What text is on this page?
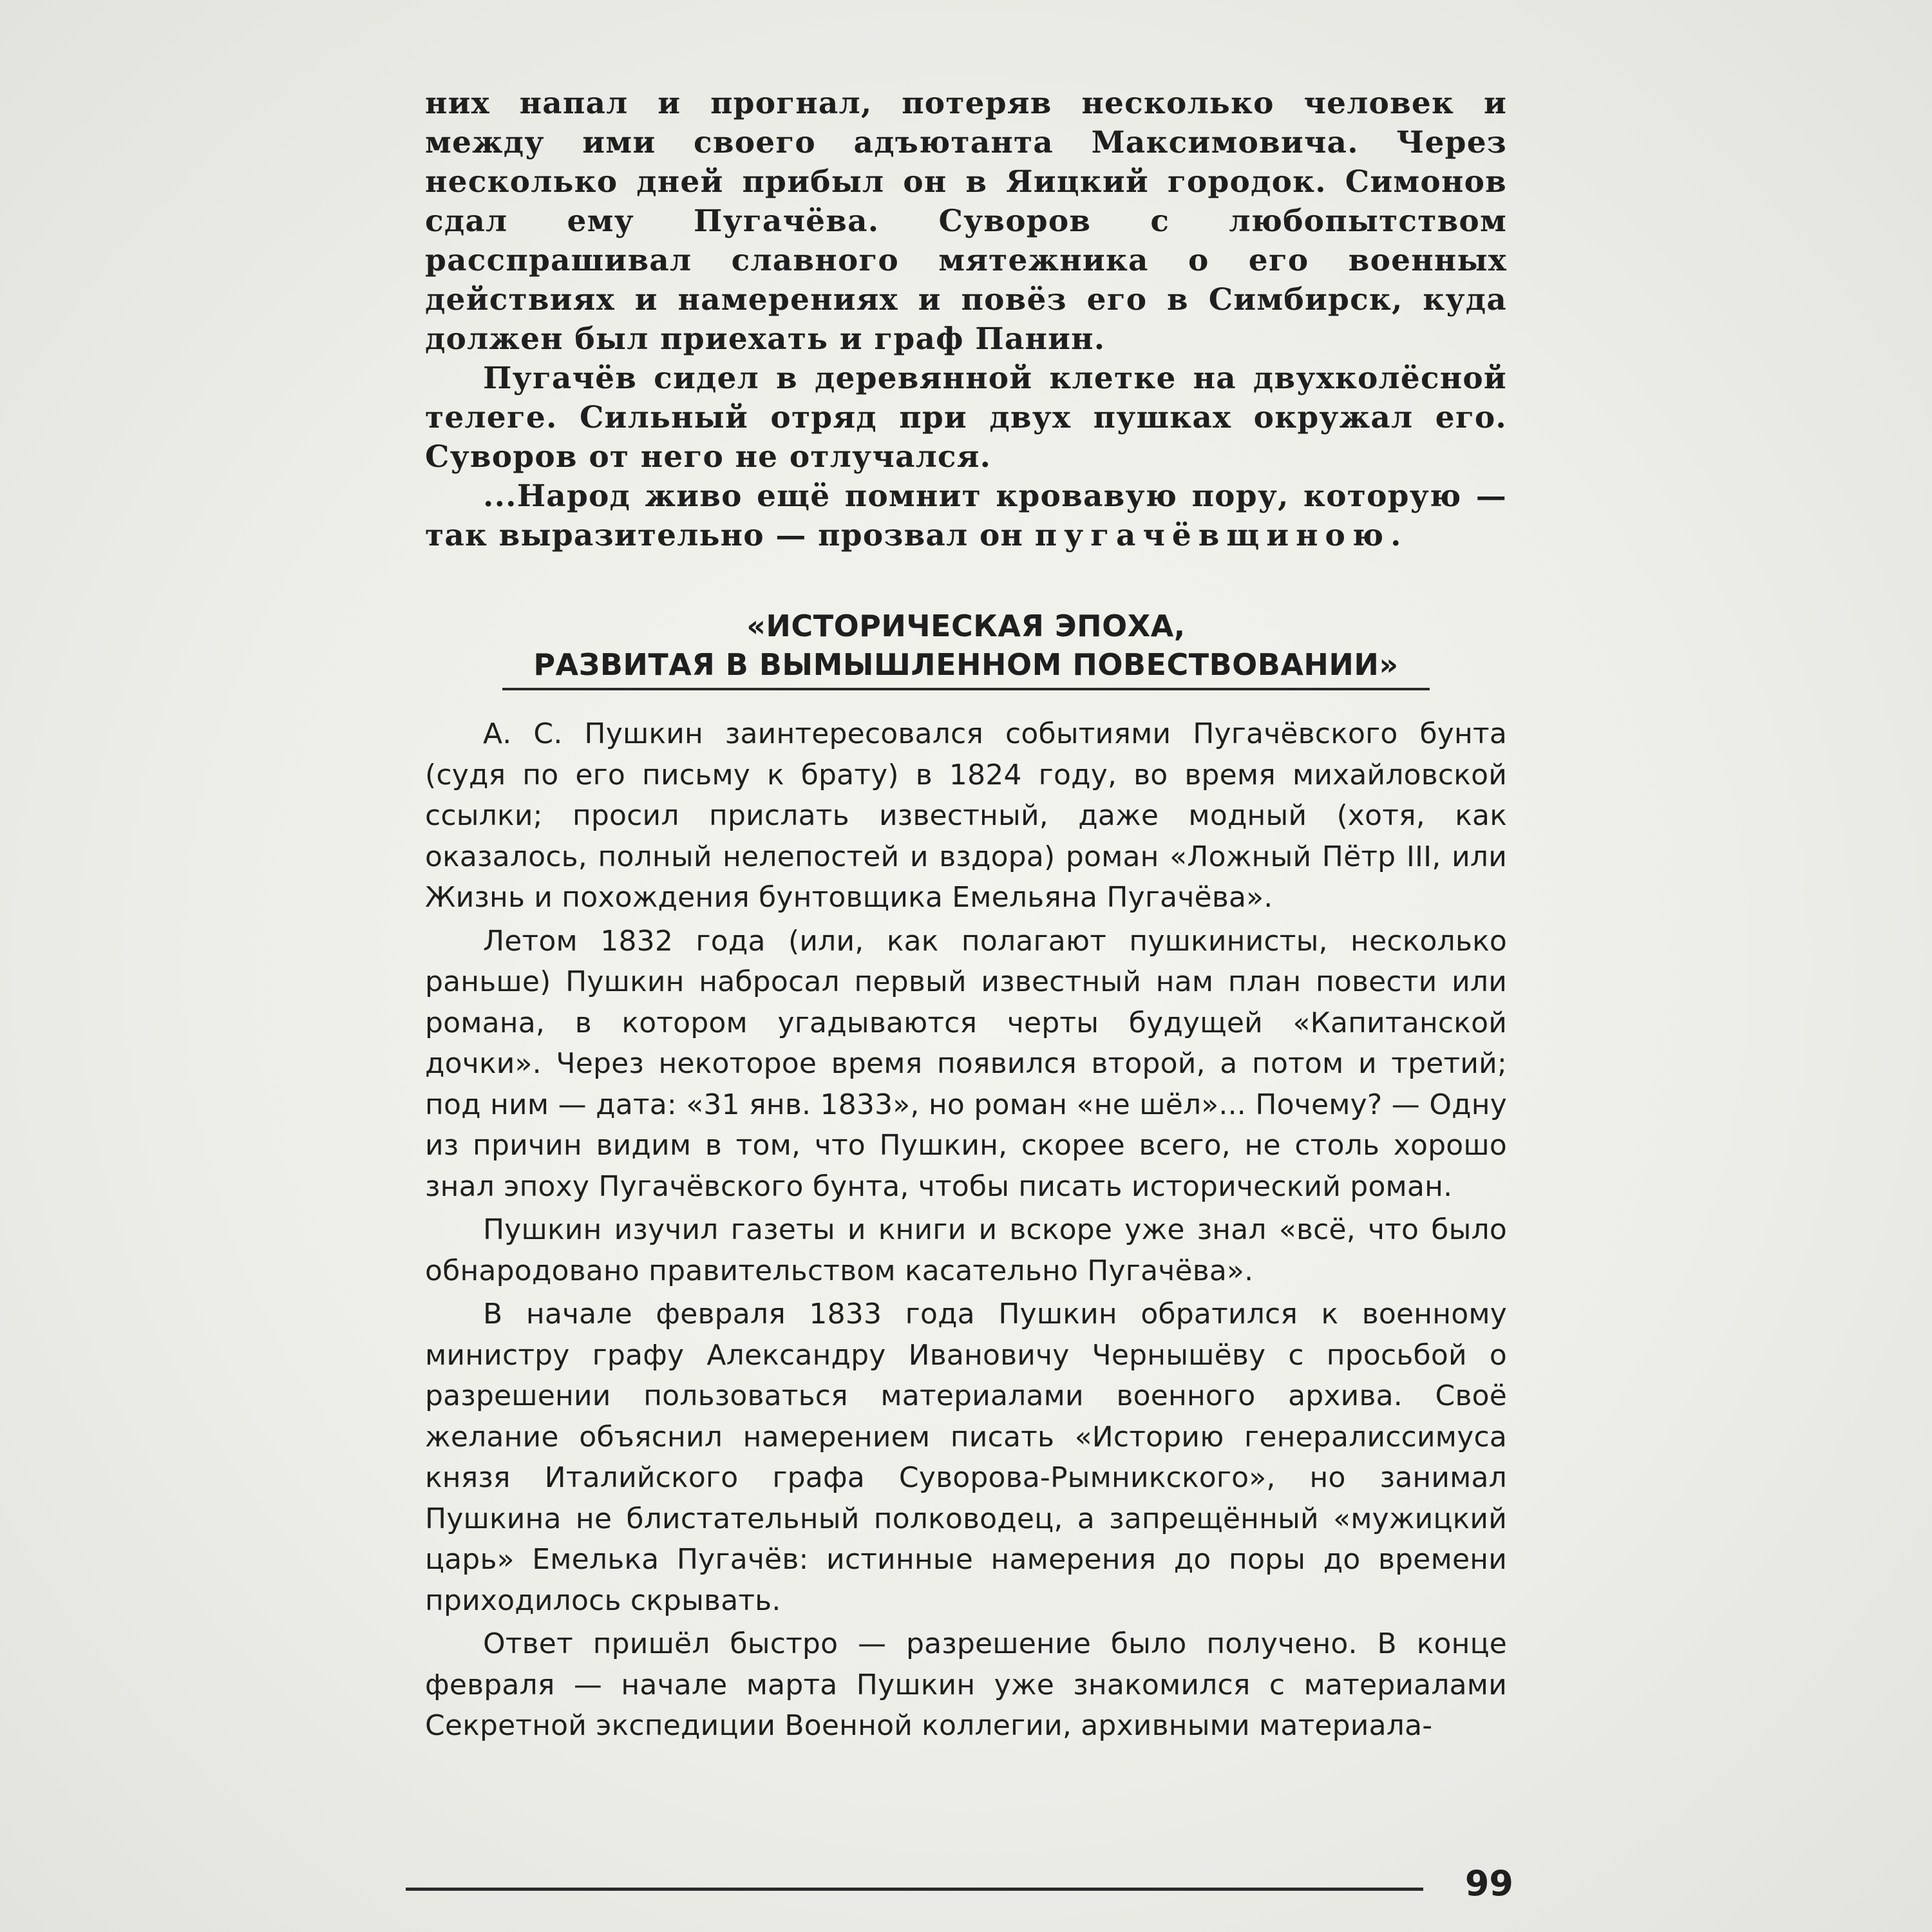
них напал и прогнал, потеряв несколько человек и между ими своего адъютанта Максимовича. Через несколько дней прибыл он в Яицкий городок. Симонов сдал ему Пугачёва. Суворов с любопытством расспрашивал славного мятежника о его военных действиях и намерениях и повёз его в Симбирск, куда должен был приехать и граф Панин.

Пугачёв сидел в деревянной клетке на двухколёсной телеге. Сильный отряд при двух пушках окружал его. Суворов от него не отлучался.

...Народ живо ещё помнит кровавую пору, которую — так выразительно — прозвал он пугачёвщиною.

«ИСТОРИЧЕСКАЯ ЭПОХА,
РАЗВИТАЯ В ВЫМЫШЛЕННОМ ПОВЕСТВОВАНИИ»

А. С. Пушкин заинтересовался событиями Пугачёвского бунта (судя по его письму к брату) в 1824 году, во время михайловской ссылки; просил прислать известный, даже модный (хотя, как оказалось, полный нелепостей и вздора) роман «Ложный Пётр III, или Жизнь и похождения бунтовщика Емельяна Пугачёва».

Летом 1832 года (или, как полагают пушкинисты, несколько раньше) Пушкин набросал первый известный нам план повести или романа, в котором угадываются черты будущей «Капитанской дочки». Через некоторое время появился второй, а потом и третий; под ним — дата: «31 янв. 1833», но роман «не шёл»... Почему? — Одну из причин видим в том, что Пушкин, скорее всего, не столь хорошо знал эпоху Пугачёвского бунта, чтобы писать исторический роман.

Пушкин изучил газеты и книги и вскоре уже знал «всё, что было обнародовано правительством касательно Пугачёва».

В начале февраля 1833 года Пушкин обратился к военному министру графу Александру Ивановичу Чернышёву с просьбой о разрешении пользоваться материалами военного архива. Своё желание объяснил намерением писать «Историю генералиссимуса князя Италийского графа Суворова-Рымникского», но занимал Пушкина не блистательный полководец, а запрещённый «мужицкий царь» Емелька Пугачёв: истинные намерения до поры до времени приходилось скрывать.

Ответ пришёл быстро — разрешение было получено. В конце февраля — начале марта Пушкин уже знакомился с материалами Секретной экспедиции Военной коллегии, архивными материала-

99
